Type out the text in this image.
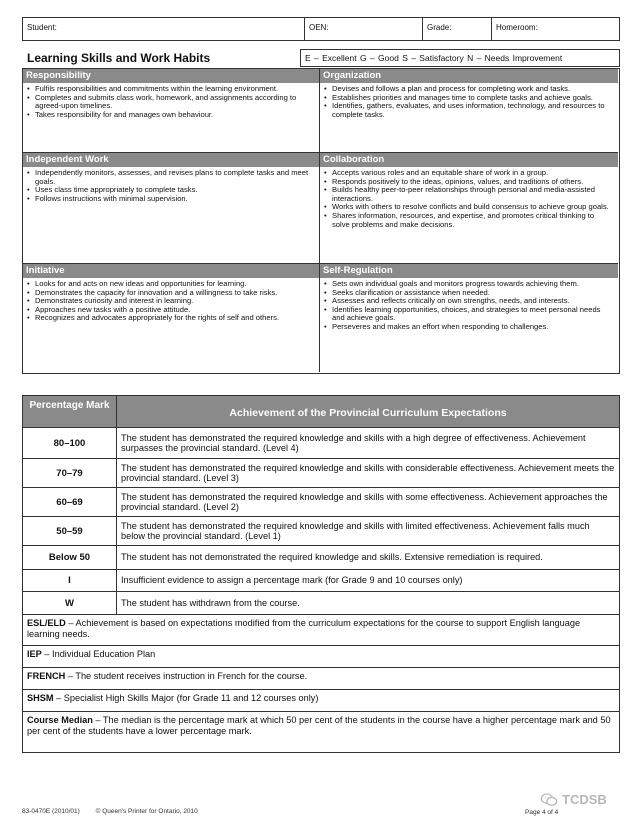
Student:	OEN:	Grade:	Homeroom:
Learning Skills and Work Habits	E – Excellent G – Good S – Satisfactory N – Needs Improvement
Responsibility
• Fulfils responsibilities and commitments within the learning environment.
• Completes and submits class work, homework, and assignments according to agreed-upon timelines.
• Takes responsibility for and manages own behaviour.
Organization
• Devises and follows a plan and process for completing work and tasks.
• Establishes priorities and manages time to complete tasks and achieve goals.
• Identifies, gathers, evaluates, and uses information, technology, and resources to complete tasks.
Independent Work
• Independently monitors, assesses, and revises plans to complete tasks and meet goals.
• Uses class time appropriately to complete tasks.
• Follows instructions with minimal supervision.
Collaboration
• Accepts various roles and an equitable share of work in a group.
• Responds positively to the ideas, opinions, values, and traditions of others.
• Builds healthy peer-to-peer relationships through personal and media-assisted interactions.
• Works with others to resolve conflicts and build consensus to achieve group goals.
• Shares information, resources, and expertise, and promotes critical thinking to solve problems and make decisions.
Initiative
• Looks for and acts on new ideas and opportunities for learning.
• Demonstrates the capacity for innovation and a willingness to take risks.
• Demonstrates curiosity and interest in learning.
• Approaches new tasks with a positive attitude.
• Recognizes and advocates appropriately for the rights of self and others.
Self-Regulation
• Sets own individual goals and monitors progress towards achieving them.
• Seeks clarification or assistance when needed.
• Assesses and reflects critically on own strengths, needs, and interests.
• Identifies learning opportunities, choices, and strategies to meet personal needs and achieve goals.
• Perseveres and makes an effort when responding to challenges.
Percentage Mark
Achievement of the Provincial Curriculum Expectations
80–100	The student has demonstrated the required knowledge and skills with a high degree of effectiveness. Achievement surpasses the provincial standard. (Level 4)
70–79	The student has demonstrated the required knowledge and skills with considerable effectiveness. Achievement meets the provincial standard. (Level 3)
60–69	The student has demonstrated the required knowledge and skills with some effectiveness. Achievement approaches the provincial standard. (Level 2)
50–59	The student has demonstrated the required knowledge and skills with limited effectiveness. Achievement falls much below the provincial standard. (Level 1)
Below 50	The student has not demonstrated the required knowledge and skills. Extensive remediation is required.
I	Insufficient evidence to assign a percentage mark (for Grade 9 and 10 courses only)
W	The student has withdrawn from the course.
ESL/ELD – Achievement is based on expectations modified from the curriculum expectations for the course to support English language learning needs.
IEP – Individual Education Plan
FRENCH – The student receives instruction in French for the course.
SHSM – Specialist High Skills Major (for Grade 11 and 12 courses only)
Course Median – The median is the percentage mark at which 50 per cent of the students in the course have a higher percentage mark and 50 per cent of the students have a lower percentage mark.
83-0470E (2010/01) © Queen's Printer for Ontario, 2010
TCDSB
Page 4 of 4
